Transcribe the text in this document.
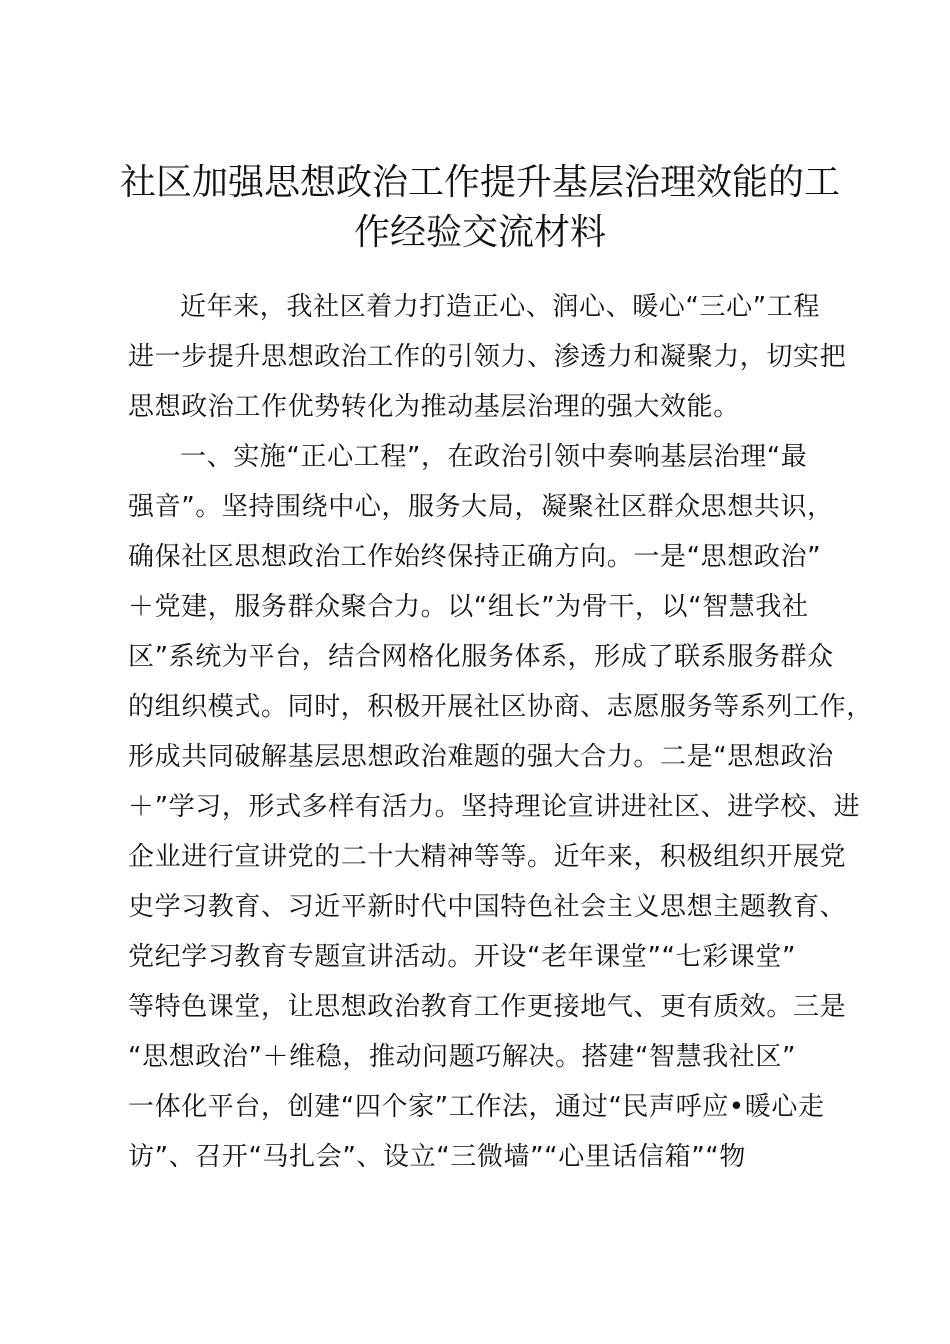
社区加强思想政治工作提升基层治理效能的工
作经验交流材料
近年来，我社区着力打造正心、润心、暖心“三心”工程
进一步提升思想政治工作的引领力、渗透力和凝聚力，切实把
思想政治工作优势转化为推动基层治理的强大效能。
一、实施“正心工程”，在政治引领中奏响基层治理“最
强音”。坚持围绕中心，服务大局，凝聚社区群众思想共识，
确保社区思想政治工作始终保持正确方向。一是“思想政治”
＋党建，服务群众聚合力。以“组长”为骨干，以“智慧我社
区”系统为平台，结合网格化服务体系，形成了联系服务群众
的组织模式。同时，积极开展社区协商、志愿服务等系列工作，
形成共同破解基层思想政治难题的强大合力。二是“思想政治
＋”学习，形式多样有活力。坚持理论宣讲进社区、进学校、进
企业进行宣讲党的二十大精神等等。近年来，积极组织开展党
史学习教育、习近平新时代中国特色社会主义思想主题教育、
党纪学习教育专题宣讲活动。开设“老年课堂”“七彩课堂”
等特色课堂，让思想政治教育工作更接地气、更有质效。三是
“思想政治”＋维稳，推动问题巧解决。搭建“智慧我社区”
一体化平台，创建“四个家”工作法，通过“民声呼应•暖心走
访”、召开“马扎会”、设立“三微墙”“心里话信箱”“物
